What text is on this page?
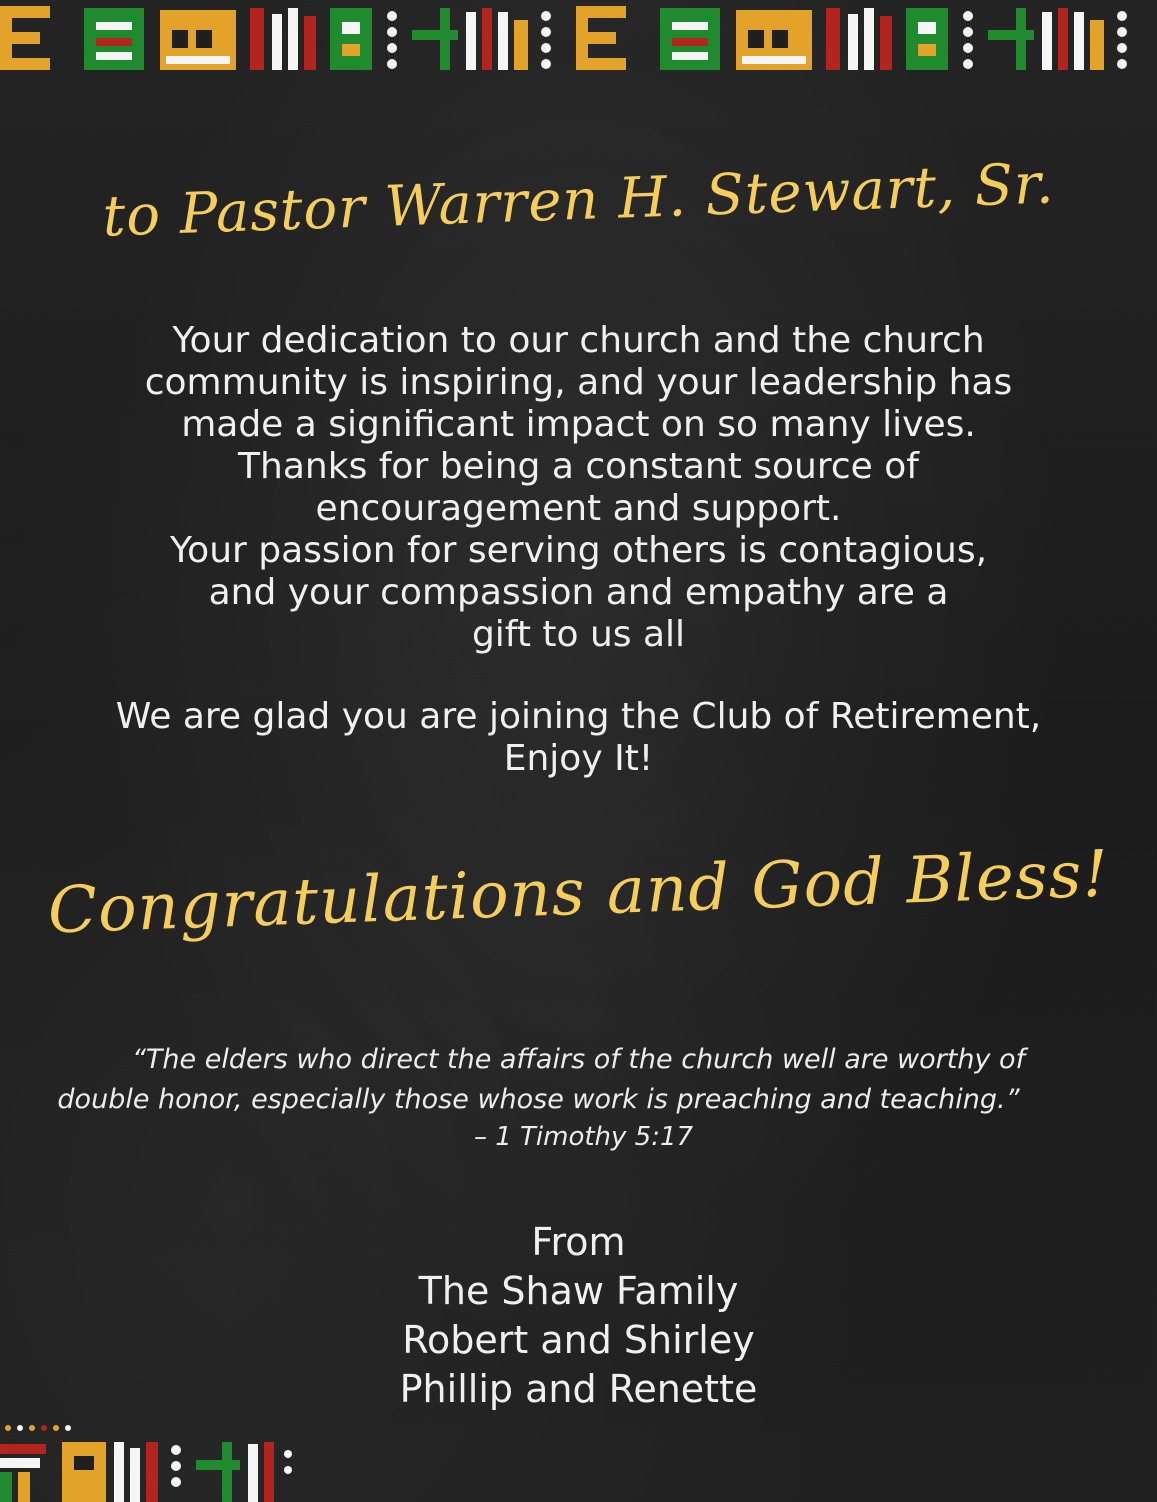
to Pastor Warren H. Stewart, Sr.
Your dedication to our church and the church
community is inspiring, and your leadership has
made a significant impact on so many lives.
Thanks for being a constant source of
encouragement and support.
Your passion for serving others is contagious,
and your compassion and empathy are a
gift to us all
We are glad you are joining the Club of Retirement,
Enjoy It!
Congratulations and God Bless!
“The elders who direct the affairs of the church well are worthy of
double honor, especially those whose work is preaching and teaching.”
– 1 Timothy 5:17
From
The Shaw Family
Robert and Shirley
Phillip and Renette
